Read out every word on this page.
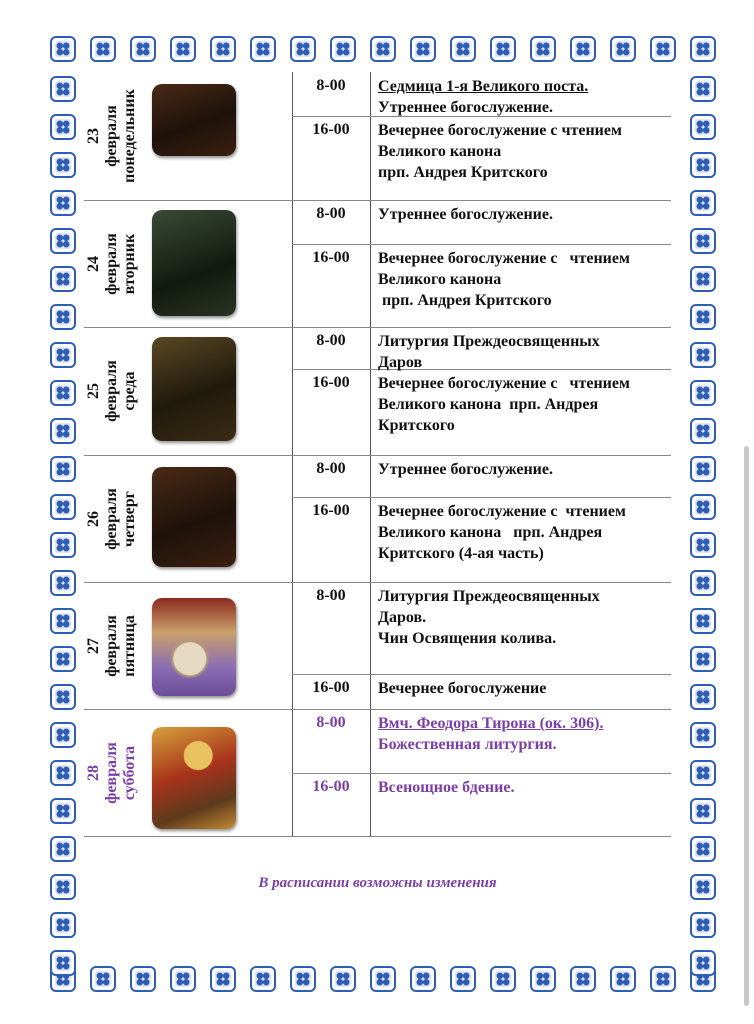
23 февраля понедельник
8-00	Седмица 1-я Великого поста.
Утреннее богослужение.
16-00	Вечернее богослужение с чтением
Великого канона
прп. Андрея Критского
24 февраля вторник
8-00	Утреннее богослужение.
16-00	Вечернее богослужение с   чтением
Великого канона
прп. Андрея Критского
25 февраля среда
8-00	Литургия Преждеосвященных
Даров
16-00	Вечернее богослужение с   чтением
Великого канона  прп. Андрея
Критского
26 февраля четверг
8-00	Утреннее богослужение.
16-00	Вечернее богослужение с  чтением
Великого канона   прп. Андрея
Критского (4-ая часть)
27 февраля пятница
8-00	Литургия Преждеосвященных
Даров.
Чин Освящения колива.
16-00	Вечернее богослужение
28 февраля суббота
8-00	Вмч. Феодора Тирона (ок. 306).
Божественная литургия.
16-00	Всенощное бдение.
В расписании возможны изменения
